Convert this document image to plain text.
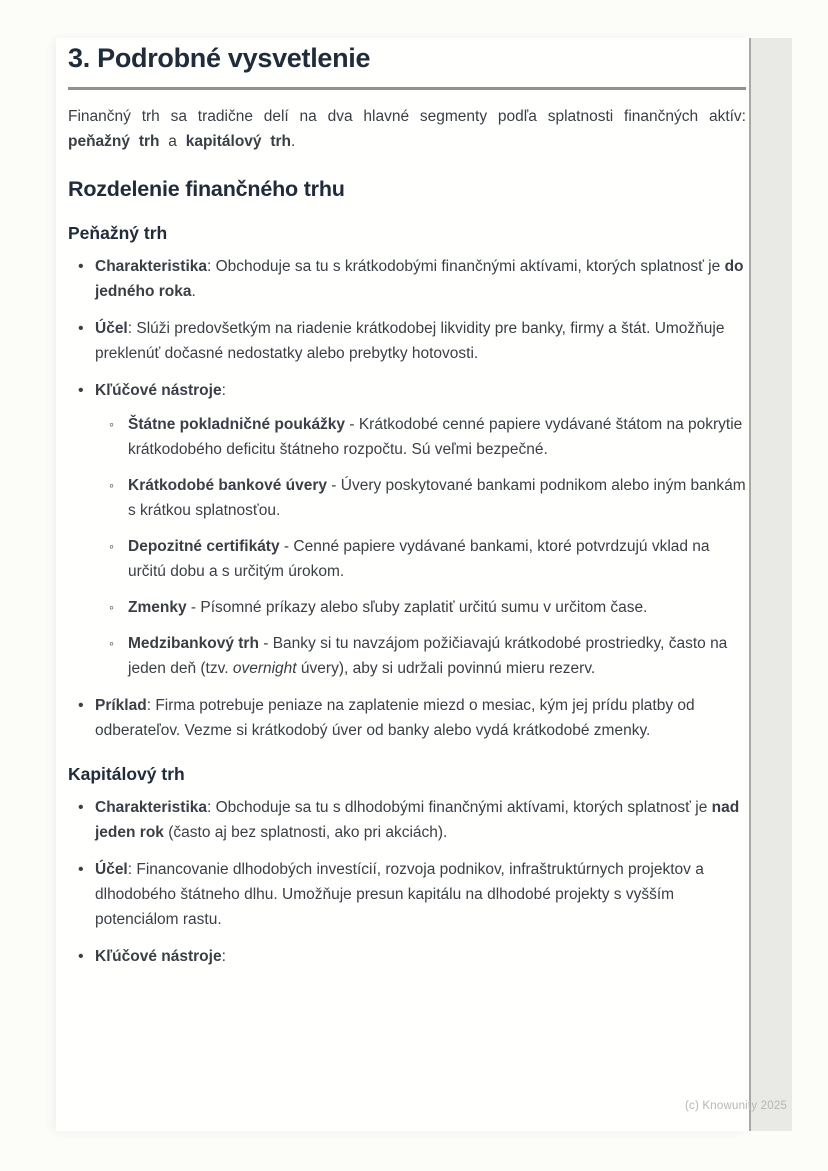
3. Podrobné vysvetlenie

Finančný trh sa tradične delí na dva hlavné segmenty podľa splatnosti finančných aktív: peňažný trh a kapitálový trh.

Rozdelenie finančného trhu
Peňažný trh
• Charakteristika: Obchoduje sa tu s krátkodobými finančnými aktívami, ktorých splatnosť je do jedného roka.
• Účel: Slúži predovšetkým na riadenie krátkodobej likvidity pre banky, firmy a štát. Umožňuje preklenúť dočasné nedostatky alebo prebytky hotovosti.
• Kľúčové nástroje:
◦ Štátne pokladničné poukážky - Krátkodobé cenné papiere vydávané štátom na pokrytie krátkodobého deficitu štátneho rozpočtu. Sú veľmi bezpečné.
◦ Krátkodobé bankové úvery - Úvery poskytované bankami podnikom alebo iným bankám s krátkou splatnosťou.
◦ Depozitné certifikáty - Cenné papiere vydávané bankami, ktoré potvrdzujú vklad na určitú dobu a s určitým úrokom.
◦ Zmenky - Písomné príkazy alebo sľuby zaplatiť určitú sumu v určitom čase.
◦ Medzibankový trh - Banky si tu navzájom požičiavajú krátkodobé prostriedky, často na jeden deň (tzv. overnight úvery), aby si udržali povinnú mieru rezerv.
• Príklad: Firma potrebuje peniaze na zaplatenie miezd o mesiac, kým jej prídu platby od odberateľov. Vezme si krátkodobý úver od banky alebo vydá krátkodobé zmenky.
Kapitálový trh
• Charakteristika: Obchoduje sa tu s dlhodobými finančnými aktívami, ktorých splatnosť je nad jeden rok (často aj bez splatnosti, ako pri akciách).
• Účel: Financovanie dlhodobých investícií, rozvoja podnikov, infraštruktúrnych projektov a dlhodobého štátneho dlhu. Umožňuje presun kapitálu na dlhodobé projekty s vyšším potenciálom rastu.
• Kľúčové nástroje:
(c) Knowunity 2025
